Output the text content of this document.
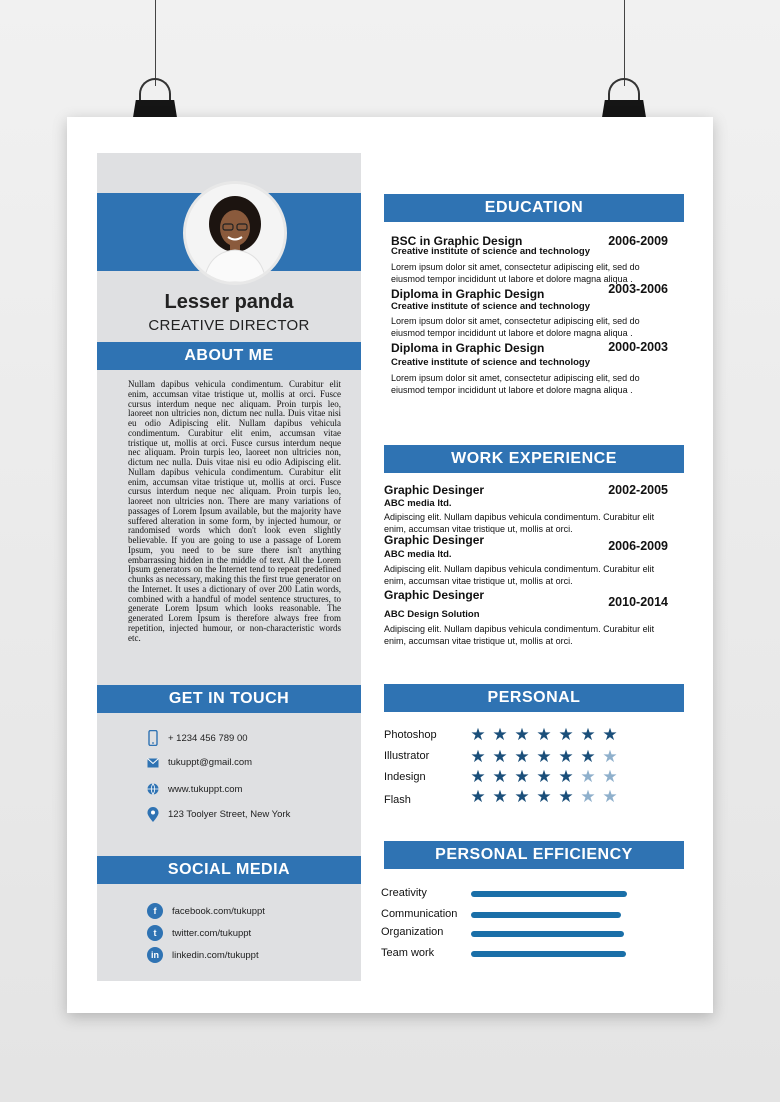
Lesser panda
CREATIVE DIRECTOR
ABOUT ME
Nullam dapibus vehicula condimentum. Curabitur elit enim, accumsan vitae tristique ut, mollis at orci. Fusce cursus interdum neque nec aliquam. Proin turpis leo, laoreet non ultricies non, dictum nec nulla. Duis vitae nisi eu odio Adipiscing elit. Nullam dapibus vehicula condimentum. Curabitur elit enim, accumsan vitae tristique ut, mollis at orci. Fusce cursus interdum neque nec aliquam. Proin turpis leo, laoreet non ultricies non, dictum nec nulla. Duis vitae nisi eu odio Adipiscing elit. Nullam dapibus vehicula condimentum. Curabitur elit enim, accumsan vitae tristique ut, mollis at orci. Fusce cursus interdum neque nec aliquam. Proin turpis leo, laoreet non ultricies non. There are many variations of passages of Lorem Ipsum available, but the majority have suffered alteration in some form, by injected humour, or randomised words which don't look even slightly believable. If you are going to use a passage of Lorem Ipsum, you need to be sure there isn't anything embarrassing hidden in the middle of text. All the Lorem Ipsum generators on the Internet tend to repeat predefined chunks as necessary, making this the first true generator on the Internet. It uses a dictionary of over 200 Latin words, combined with a handful of model sentence structures, to generate Lorem Ipsum which looks reasonable. The generated Lorem Ipsum is therefore always free from repetition, injected humour, or non-characteristic words etc.
GET IN TOUCH
+ 1234 456 789 00
tukuppt@gmail.com
www.tukuppt.com
123 Toolyer Street, New York
SOCIAL MEDIA
f	facebook.com/tukuppt
t	twitter.com/tukuppt
in	linkedin.com/tukuppt
EDUCATION
BSC in Graphic Design	2006-2009
Creative institute of science and technology
Lorem ipsum dolor sit amet, consectetur adipiscing elit, sed do eiusmod tempor incididunt ut labore et dolore magna aliqua .
Diploma in Graphic Design	2003-2006
Creative institute of science and technology
Lorem ipsum dolor sit amet, consectetur adipiscing elit, sed do eiusmod tempor incididunt ut labore et dolore magna aliqua .
Diploma in Graphic Design	2000-2003
Creative institute of science and technology
Lorem ipsum dolor sit amet, consectetur adipiscing elit, sed do eiusmod tempor incididunt ut labore et dolore magna aliqua .
WORK EXPERIENCE
Graphic Desinger	2002-2005
ABC media ltd.
Adipiscing elit. Nullam dapibus vehicula condimentum. Curabitur elit enim, accumsan vitae tristique ut, mollis at orci.
Graphic Desinger	2006-2009
ABC media ltd.
Adipiscing elit. Nullam dapibus vehicula condimentum. Curabitur elit enim, accumsan vitae tristique ut, mollis at orci.
Graphic Desinger	2010-2014
ABC Design Solution
Adipiscing elit. Nullam dapibus vehicula condimentum. Curabitur elit enim, accumsan vitae tristique ut, mollis at orci.
PERSONAL
Photoshop ★ ★ ★ ★ ★ ★ ★
Illustrator ★ ★ ★ ★ ★ ★ ★
Indesign	★ ★ ★ ★ ★ ★ ★
Flash	★ ★ ★ ★ ★ ★ ★
PERSONAL EFFICIENCY
Creativity
Communication
Organization
Team work
